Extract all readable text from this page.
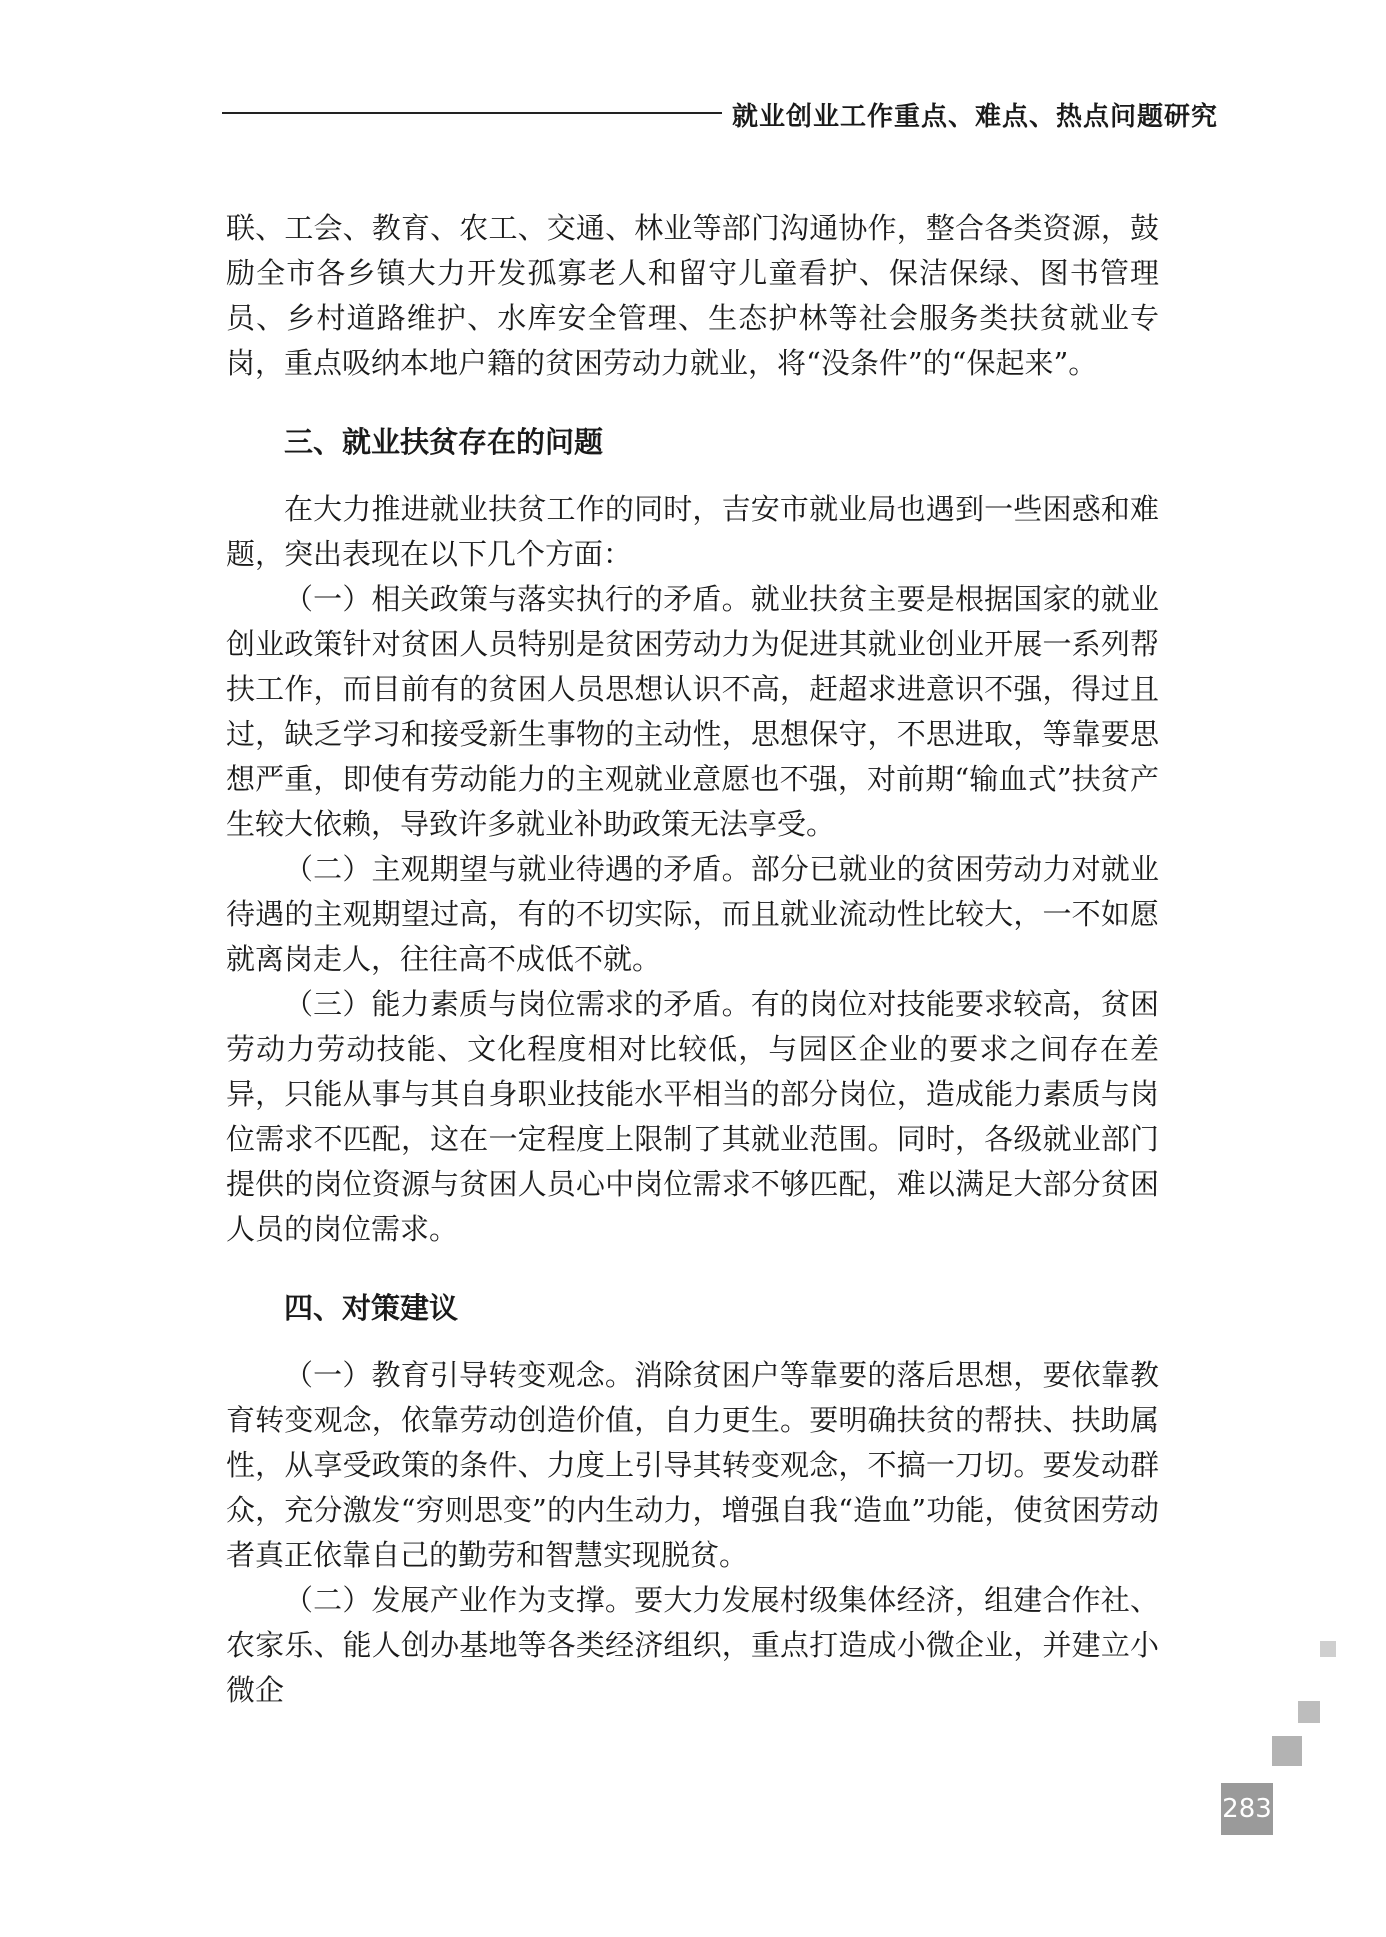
就业创业工作重点、难点、热点问题研究

联、工会、教育、农工、交通、林业等部门沟通协作，整合各类资源，鼓励全市各乡镇大力开发孤寡老人和留守儿童看护、保洁保绿、图书管理员、乡村道路维护、水库安全管理、生态护林等社会服务类扶贫就业专岗，重点吸纳本地户籍的贫困劳动力就业，将“没条件”的“保起来”。

三、就业扶贫存在的问题

在大力推进就业扶贫工作的同时，吉安市就业局也遇到一些困惑和难题，突出表现在以下几个方面：

（一）相关政策与落实执行的矛盾。就业扶贫主要是根据国家的就业创业政策针对贫困人员特别是贫困劳动力为促进其就业创业开展一系列帮扶工作，而目前有的贫困人员思想认识不高，赶超求进意识不强，得过且过，缺乏学习和接受新生事物的主动性，思想保守，不思进取，等靠要思想严重，即使有劳动能力的主观就业意愿也不强，对前期“输血式”扶贫产生较大依赖，导致许多就业补助政策无法享受。

（二）主观期望与就业待遇的矛盾。部分已就业的贫困劳动力对就业待遇的主观期望过高，有的不切实际，而且就业流动性比较大，一不如愿就离岗走人，往往高不成低不就。

（三）能力素质与岗位需求的矛盾。有的岗位对技能要求较高，贫困劳动力劳动技能、文化程度相对比较低，与园区企业的要求之间存在差异，只能从事与其自身职业技能水平相当的部分岗位，造成能力素质与岗位需求不匹配，这在一定程度上限制了其就业范围。同时，各级就业部门提供的岗位资源与贫困人员心中岗位需求不够匹配，难以满足大部分贫困人员的岗位需求。

四、对策建议

（一）教育引导转变观念。消除贫困户等靠要的落后思想，要依靠教育转变观念，依靠劳动创造价值，自力更生。要明确扶贫的帮扶、扶助属性，从享受政策的条件、力度上引导其转变观念，不搞一刀切。要发动群众，充分激发“穷则思变”的内生动力，增强自我“造血”功能，使贫困劳动者真正依靠自己的勤劳和智慧实现脱贫。

（二）发展产业作为支撑。要大力发展村级集体经济，组建合作社、农家乐、能人创办基地等各类经济组织，重点打造成小微企业，并建立小微企

283
